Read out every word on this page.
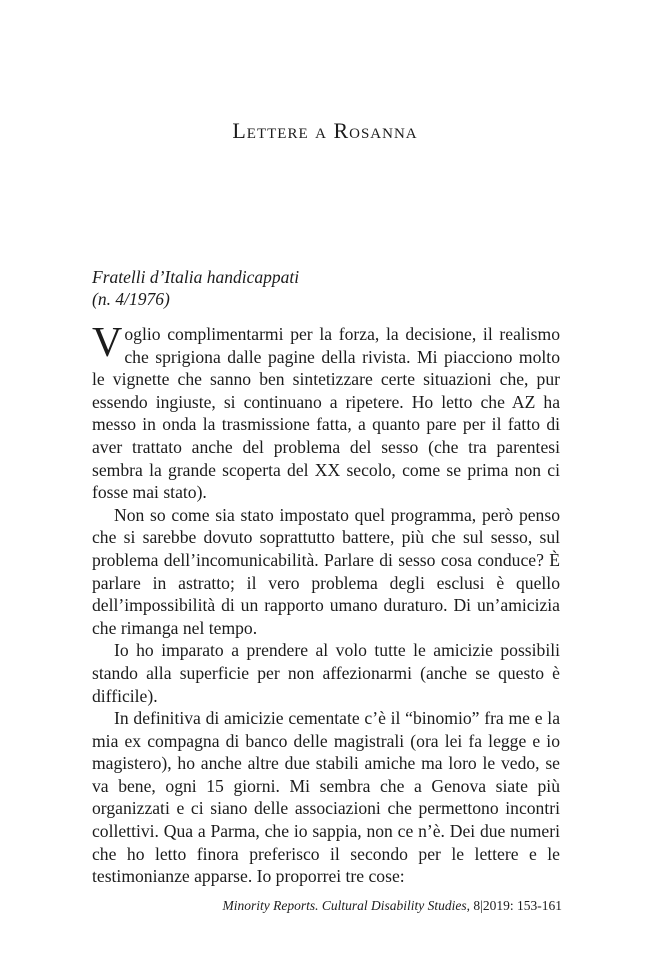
Lettere a Rosanna
Fratelli d’Italia handicappati
(n. 4/1976)

Voglio complimentarmi per la forza, la decisione, il realismo che sprigiona dalle pagine della rivista. Mi piacciono molto le vignette che sanno ben sintetizzare certe situazioni che, pur essendo ingiuste, si continuano a ripetere. Ho letto che AZ ha messo in onda la trasmissione fatta, a quanto pare per il fatto di aver trattato anche del problema del sesso (che tra parentesi sembra la grande scoperta del XX secolo, come se prima non ci fosse mai stato).

Non so come sia stato impostato quel programma, però penso che si sarebbe dovuto soprattutto battere, più che sul sesso, sul problema dell’incomunicabilità. Parlare di sesso cosa conduce? È parlare in astratto; il vero problema degli esclusi è quello dell’impossibilità di un rapporto umano duraturo. Di un’amicizia che rimanga nel tempo.

Io ho imparato a prendere al volo tutte le amicizie possibili stando alla superficie per non affezionarmi (anche se questo è difficile).

In definitiva di amicizie cementate c’è il “binomio” fra me e la mia ex compagna di banco delle magistrali (ora lei fa legge e io magistero), ho anche altre due stabili amiche ma loro le vedo, se va bene, ogni 15 giorni. Mi sembra che a Genova siate più organizzati e ci siano delle associazioni che permettono incontri collettivi. Qua a Parma, che io sappia, non ce n’è. Dei due numeri che ho letto finora preferisco il secondo per le lettere e le testimonianze apparse. Io proporrei tre cose:

Minority Reports. Cultural Disability Studies, 8|2019: 153-161
